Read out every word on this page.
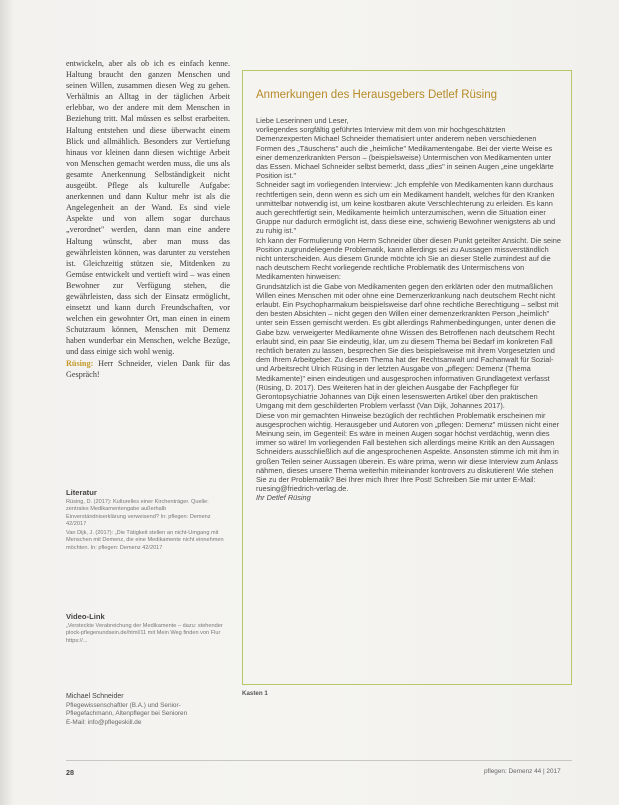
entwickeln, aber als ob ich es einfach kenne. Haltung braucht den ganzen Menschen und seinen Willen, zusammen diesen Weg zu gehen. Verhältnis an Alltag in der täglichen Arbeit erlebbar, wo der andere mit dem Menschen in Beziehung tritt. Mal müssen es selbst erarbeiten. Haltung entstehen und diese überwacht einem Blick und allmählich. Besonders zur Vertiefung hinaus vor kleinen dann diesen wichtige Arbeit von Menschen gemacht werden muss, die uns als gesamte Anerkennung Selbständigkeit nicht ausgeübt. Pflege als kulturelle Aufgabe: anerkennen und dann Kultur mehr ist als die Angelegenheit an der Wand. Es sind viele Aspekte und von allem sogar durchaus „verordnet" werden, dann man eine andere Haltung wünscht, aber man muss das gewährleisten können, was darunter zu verstehen ist. Gleichzeitig stützen sie, Mitdenken zu Gemüse entwickelt und vertieft wird – was einen Bewohner zur Verfügung stehen, die gewährleisten, dass sich der Einsatz ermöglicht, einsetzt und kann durch Freundschaften, vor welchen ein gewohnter Ort, man einen in einem Schutzraum können, Menschen mit Demenz haben wunderbar ein Menschen, welche Bezüge, und dass einige sich wohl wenig.

Rüsing: Herr Schneider, vielen Dank für das Gespräch!

Literatur
Rüsing, D. (2017): Kulturelles einer Kirchenträger. Quelle: zentrales Medikamentengabe außerhalb Einverständniserklärung verweisend? In: pflegen: Demenz 42/2017
Van Dijk, J. (2017): „Die Tätigkeit stellen an nicht-Umgang mit Menschen mit Demenz, die eine Medikamente nicht einnehmen möchten. In: pflegen: Demenz 42/2017
Video-Link
„Versteckte Verabreichung der Medikamente – dazu: stehender plock-pflegenundsein.de/html/11 mit Mein Weg finden von Flur https://...
Michael Schneider
Pflegewissenschaftler (B.A.) und Senior-
Pflegefachmann, Altenpfleger bei Senioren
E-Mail: info@pflegeskill.de
Anmerkungen des Herausgebers Detlef Rüsing

Liebe Leserinnen und Leser,

vorliegendes sorgfältig geführtes Interview mit dem von mir hochgeschätzten Demenzexperten Michael Schneider thematisiert unter anderem neben verschiedenen Formen des „Täuschens" auch die „heimliche" Medikamentengabe. Bei der vierte Weise es einer demenzerkrankten Person – (beispielsweise) Untermischen von Medikamenten unter das Essen. Michael Schneider selbst bemerkt, dass „dies" in seinen Augen „eine ungeklärte Position ist."

Schneider sagt im vorliegenden Interview: „Ich empfehle von Medikamenten kann durchaus rechtfertigen sein, denn wenn es sich um ein Medikament handelt, welches für den Kranken unmittelbar notwendig ist, um keine kostbaren akute Verschlechterung zu erleiden. Es kann auch gerechtfertigt sein, Medikamente heimlich unterzumischen, wenn die Situation einer Gruppe nur dadurch ermöglicht ist, dass diese eine, schwierig Bewohner wenigstens ab und zu ruhig ist."

Ich kann der Formulierung von Herrn Schneider über diesen Punkt geteilter Ansicht. Die seine Position zugrundeliegende Problematik, kann allerdings sei zu Aussagen missverständlich nicht unterscheiden. Aus diesem Grunde möchte ich Sie an dieser Stelle zumindest auf die nach deutschem Recht vorliegende rechtliche Problematik des Untermischens von Medikamenten hinweisen:

Grundsätzlich ist die Gabe von Medikamenten gegen den erklärten oder den mutmaßlichen Willen eines Menschen mit oder ohne eine Demenzerkrankung nach deutschem Recht nicht erlaubt. Ein Psychopharmakum beispielsweise darf ohne rechtliche Berechtigung – selbst mit den besten Absichten – nicht gegen den Willen einer demenzerkrankten Person „heimlich" unter sein Essen gemischt werden. Es gibt allerdings Rahmenbedingungen, unter denen die Gabe bzw. verweigerter Medikamente ohne Wissen des Betroffenen nach deutschem Recht erlaubt sind, ein paar Sie eindeutig, klar, um zu diesem Thema bei Bedarf im konkreten Fall rechtlich beraten zu lassen, besprechen Sie dies beispielsweise mit ihrem Vorgesetzten und dem Ihrem Arbeitgeber. Zu diesem Thema hat der Rechtsanwalt und Fachanwalt für Sozial- und Arbeitsrecht Ulrich Rüsing in der letzten Ausgabe von „pflegen: Demenz (Thema Medikamente)" einen eindeutigen und ausgesprochen informativen Grundlagetext verfasst (Rüsing, D. 2017). Des Weiteren hat in der gleichen Ausgabe der Fachpfleger für Gerontopsychiatrie Johannes van Dijk einen lesenswerten Artikel über den praktischen Umgang mit dem geschilderten Problem verfasst (Van Dijk, Johannes 2017).

Diese von mir gemachten Hinweise bezüglich der rechtlichen Problematik erscheinen mir ausgesprochen wichtig. Herausgeber und Autoren von „pflegen: Demenz" müssen nicht einer Meinung sein, im Gegenteil: Es wäre in meinen Augen sogar höchst verdächtig, wenn dies immer so wäre! Im vorliegenden Fall bestehen sich allerdings meine Kritik an den Aussagen Schneiders ausschließlich auf die angesprochenen Aspekte. Ansonsten stimme ich mit ihm in großen Teilen seiner Aussagen überein. Es wäre prima, wenn wir diese Interview zum Anlass nähmen, dieses unsere Thema weiterhin miteinander kontrovers zu diskutieren! Wie stehen Sie zu der Problematik? Bei Ihrer mich Ihrer Ihre Post! Schreiben Sie mir unter E-Mail: ruesing@friedrich-verlag.de.

Ihr Detlef Rüsing

Kasten 1
28	pflegen: Demenz 44 | 2017
